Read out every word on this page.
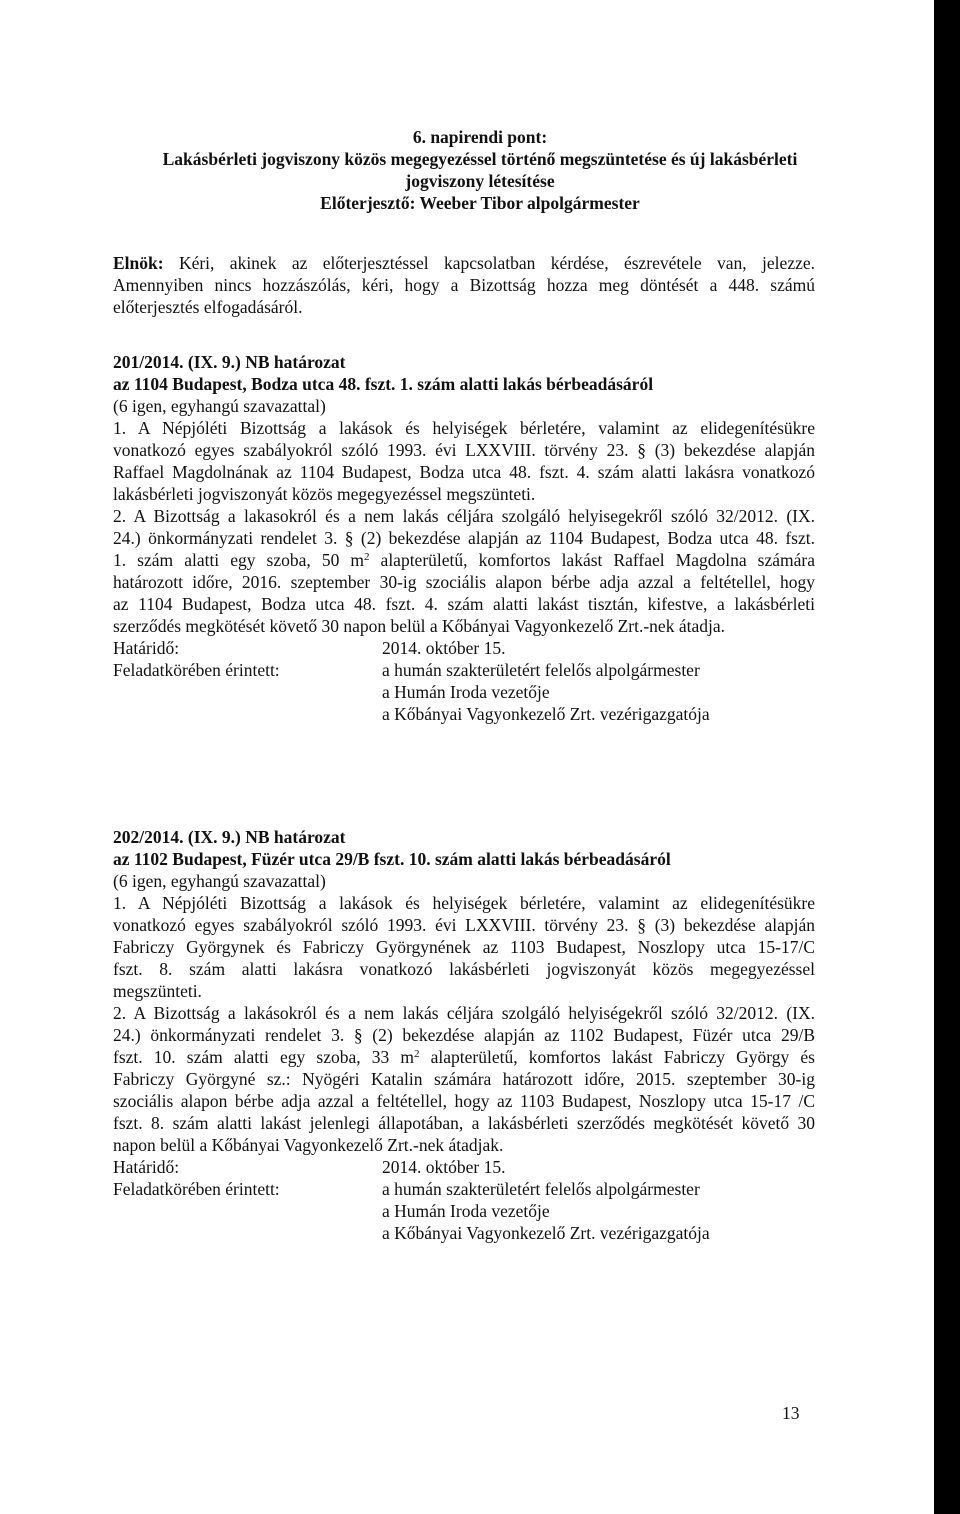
6. napirendi pont:
Lakásbérleti jogviszony közös megegyezéssel történő megszüntetése és új lakásbérleti
jogviszony létesítése
Előterjesztő: Weeber Tibor alpolgármester
Elnök: Kéri, akinek az előterjesztéssel kapcsolatban kérdése, észrevétele van, jelezze.
Amennyiben nincs hozzászólás, kéri, hogy a Bizottság hozza meg döntését a 448. számú
előterjesztés elfogadásáról.
201/2014. (IX. 9.) NB határozat
az 1104 Budapest, Bodza utca 48. fszt. 1. szám alatti lakás bérbeadásáról
(6 igen, egyhangú szavazattal)
1. A Népjóléti Bizottság a lakások és helyiségek bérletére, valamint az elidegenítésükre
vonatkozó egyes szabályokról szóló 1993. évi LXXVIII. törvény 23. § (3) bekezdése alapján
Raffael Magdolnának az 1104 Budapest, Bodza utca 48. fszt. 4. szám alatti lakásra vonatkozó
lakásbérleti jogviszonyát közös megegyezéssel megszünteti.
2. A Bizottság a lakasokról és a nem lakás céljára szolgáló helyisegekről szóló 32/2012. (IX.
24.) önkormányzati rendelet 3. § (2) bekezdése alapján az 1104 Budapest, Bodza utca 48. fszt.
1. szám alatti egy szoba, 50 $m^2$ alapterületű, komfortos lakást Raffael Magdolna számára
határozott időre, 2016. szeptember 30-ig szociális alapon bérbe adja azzal a feltétellel, hogy
az 1104 Budapest, Bodza utca 48. fszt. 4. szám alatti lakást tisztán, kifestve, a lakásbérleti
szerződés megkötését követő 30 napon belül a Kőbányai Vagyonkezelő Zrt.-nek átadja.
Határidő:	2014. október 15.
Feladatkörében érintett:	a humán szakterületért felelős alpolgármester
a Humán Iroda vezetője
a Kőbányai Vagyonkezelő Zrt. vezérigazgatója
202/2014. (IX. 9.) NB határozat
az 1102 Budapest, Füzér utca 29/B fszt. 10. szám alatti lakás bérbeadásáról
(6 igen, egyhangú szavazattal)
1. A Népjóléti Bizottság a lakások és helyiségek bérletére, valamint az elidegenítésükre
vonatkozó egyes szabályokról szóló 1993. évi LXXVIII. törvény 23. § (3) bekezdése alapján
Fabriczy Györgynek és Fabriczy Györgynének az 1103 Budapest, Noszlopy utca 15-17/C
fszt. 8. szám alatti lakásra vonatkozó lakásbérleti jogviszonyát közös megegyezéssel
megszünteti.
2. A Bizottság a lakásokról és a nem lakás céljára szolgáló helyiségekről szóló 32/2012. (IX.
24.) önkormányzati rendelet 3. § (2) bekezdése alapján az 1102 Budapest, Füzér utca 29/B
fszt. 10. szám alatti egy szoba, 33 $m^2$ alapterületű, komfortos lakást Fabriczy György és
Fabriczy Györgyné sz.: Nyögéri Katalin számára határozott időre, 2015. szeptember 30-ig
szociális alapon bérbe adja azzal a feltétellel, hogy az 1103 Budapest, Noszlopy utca 15-17 /C
fszt. 8. szám alatti lakást jelenlegi állapotában, a lakásbérleti szerződés megkötését követő 30
napon belül a Kőbányai Vagyonkezelő Zrt.-nek átadjak.
Határidő:	2014. október 15.
Feladatkörében érintett:	a humán szakterületért felelős alpolgármester
a Humán Iroda vezetője
a Kőbányai Vagyonkezelő Zrt. vezérigazgatója
13
